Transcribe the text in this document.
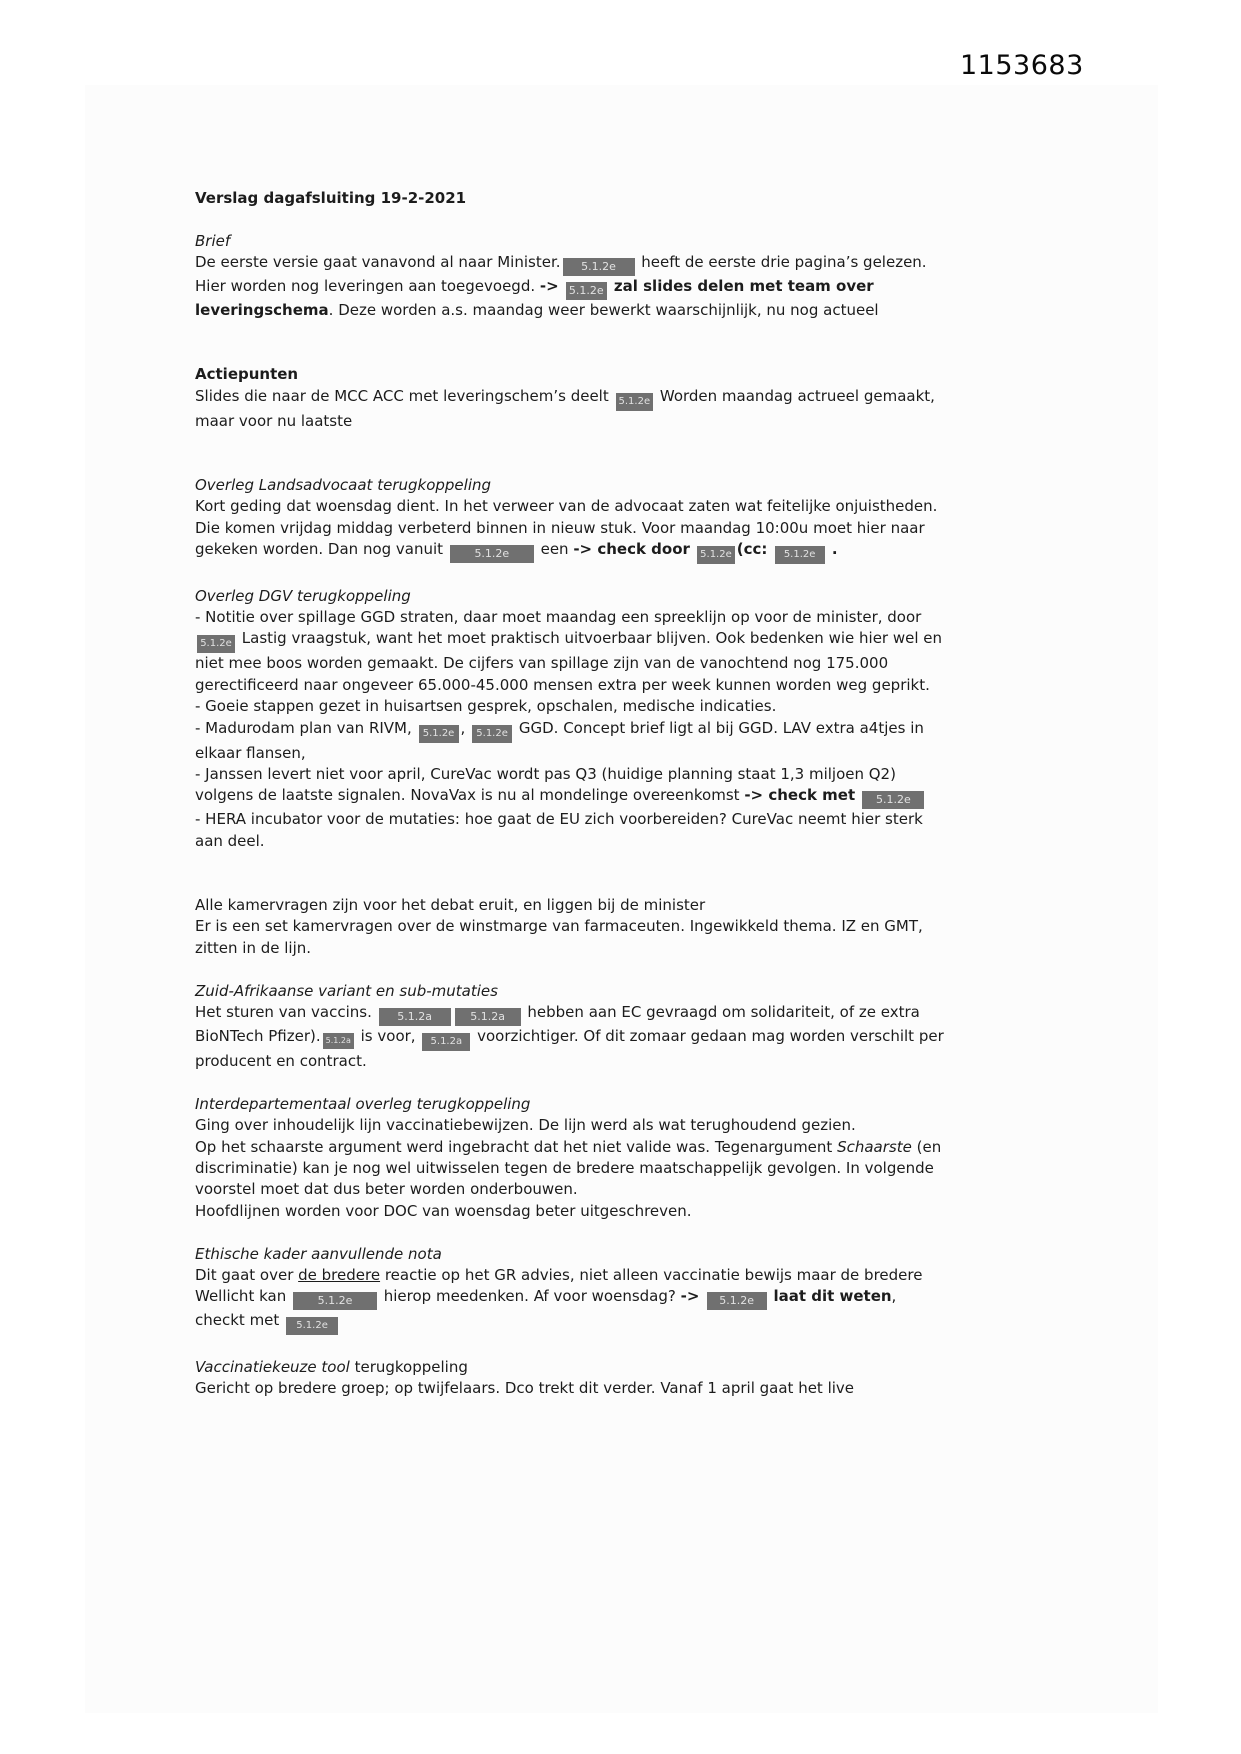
1153683
Verslag dagafsluiting 19-2-2021

Brief
De eerste versie gaat vanavond al naar Minister. 5.1.2e heeft de eerste drie pagina’s gelezen.
Hier worden nog leveringen aan toegevoegd. -> 5.1.2e zal slides delen met team over
leveringschema. Deze worden a.s. maandag weer bewerkt waarschijnlijk, nu nog actueel

Actiepunten
Slides die naar de MCC ACC met leveringschem’s deelt 5.1.2e Worden maandag actrueel gemaakt,
maar voor nu laatste

Overleg Landsadvocaat terugkoppeling
Kort geding dat woensdag dient. In het verweer van de advocaat zaten wat feitelijke onjuistheden.
Die komen vrijdag middag verbeterd binnen in nieuw stuk. Voor maandag 10:00u moet hier naar
gekeken worden. Dan nog vanuit 5.1.2e een -> check door 5.1.2e (cc: 5.1.2e .

Overleg DGV terugkoppeling
- Notitie over spillage GGD straten, daar moet maandag een spreeklijn op voor de minister, door
5.1.2e Lastig vraagstuk, want het moet praktisch uitvoerbaar blijven. Ook bedenken wie hier wel en
niet mee boos worden gemaakt. De cijfers van spillage zijn van de vanochtend nog 175.000
gerectificeerd naar ongeveer 65.000-45.000 mensen extra per week kunnen worden weg geprikt.
- Goeie stappen gezet in huisartsen gesprek, opschalen, medische indicaties.
- Madurodam plan van RIVM, 5.1.2e , 5.1.2e GGD. Concept brief ligt al bij GGD. LAV extra a4tjes in
elkaar flansen,
- Janssen levert niet voor april, CureVac wordt pas Q3 (huidige planning staat 1,3 miljoen Q2)
volgens de laatste signalen. NovaVax is nu al mondelinge overeenkomst -> check met 5.1.2e
- HERA incubator voor de mutaties: hoe gaat de EU zich voorbereiden? CureVac neemt hier sterk
aan deel.

Alle kamervragen zijn voor het debat eruit, en liggen bij de minister
Er is een set kamervragen over de winstmarge van farmaceuten. Ingewikkeld thema. IZ en GMT,
zitten in de lijn.

Zuid-Afrikaanse variant en sub-mutaties
Het sturen van vaccins. 5.1.2a	5.1.2a hebben aan EC gevraagd om solidariteit, of ze extra
BioNTech Pfizer). 5.1.2a is voor, 5.1.2a voorzichtiger. Of dit zomaar gedaan mag worden verschilt per
producent en contract.

Interdepartementaal overleg terugkoppeling
Ging over inhoudelijk lijn vaccinatiebewijzen. De lijn werd als wat terughoudend gezien.
Op het schaarste argument werd ingebracht dat het niet valide was. Tegenargument Schaarste (en
discriminatie) kan je nog wel uitwisselen tegen de bredere maatschappelijk gevolgen. In volgende
voorstel moet dat dus beter worden onderbouwen.
Hoofdlijnen worden voor DOC van woensdag beter uitgeschreven.

Ethische kader aanvullende nota
Dit gaat over de bredere reactie op het GR advies, niet alleen vaccinatie bewijs maar de bredere
Wellicht kan 5.1.2e hierop meedenken. Af voor woensdag? -> 5.1.2e laat dit weten,
checkt met 5.1.2e

Vaccinatiekeuze tool terugkoppeling
Gericht op bredere groep; op twijfelaars. Dco trekt dit verder. Vanaf 1 april gaat het live
